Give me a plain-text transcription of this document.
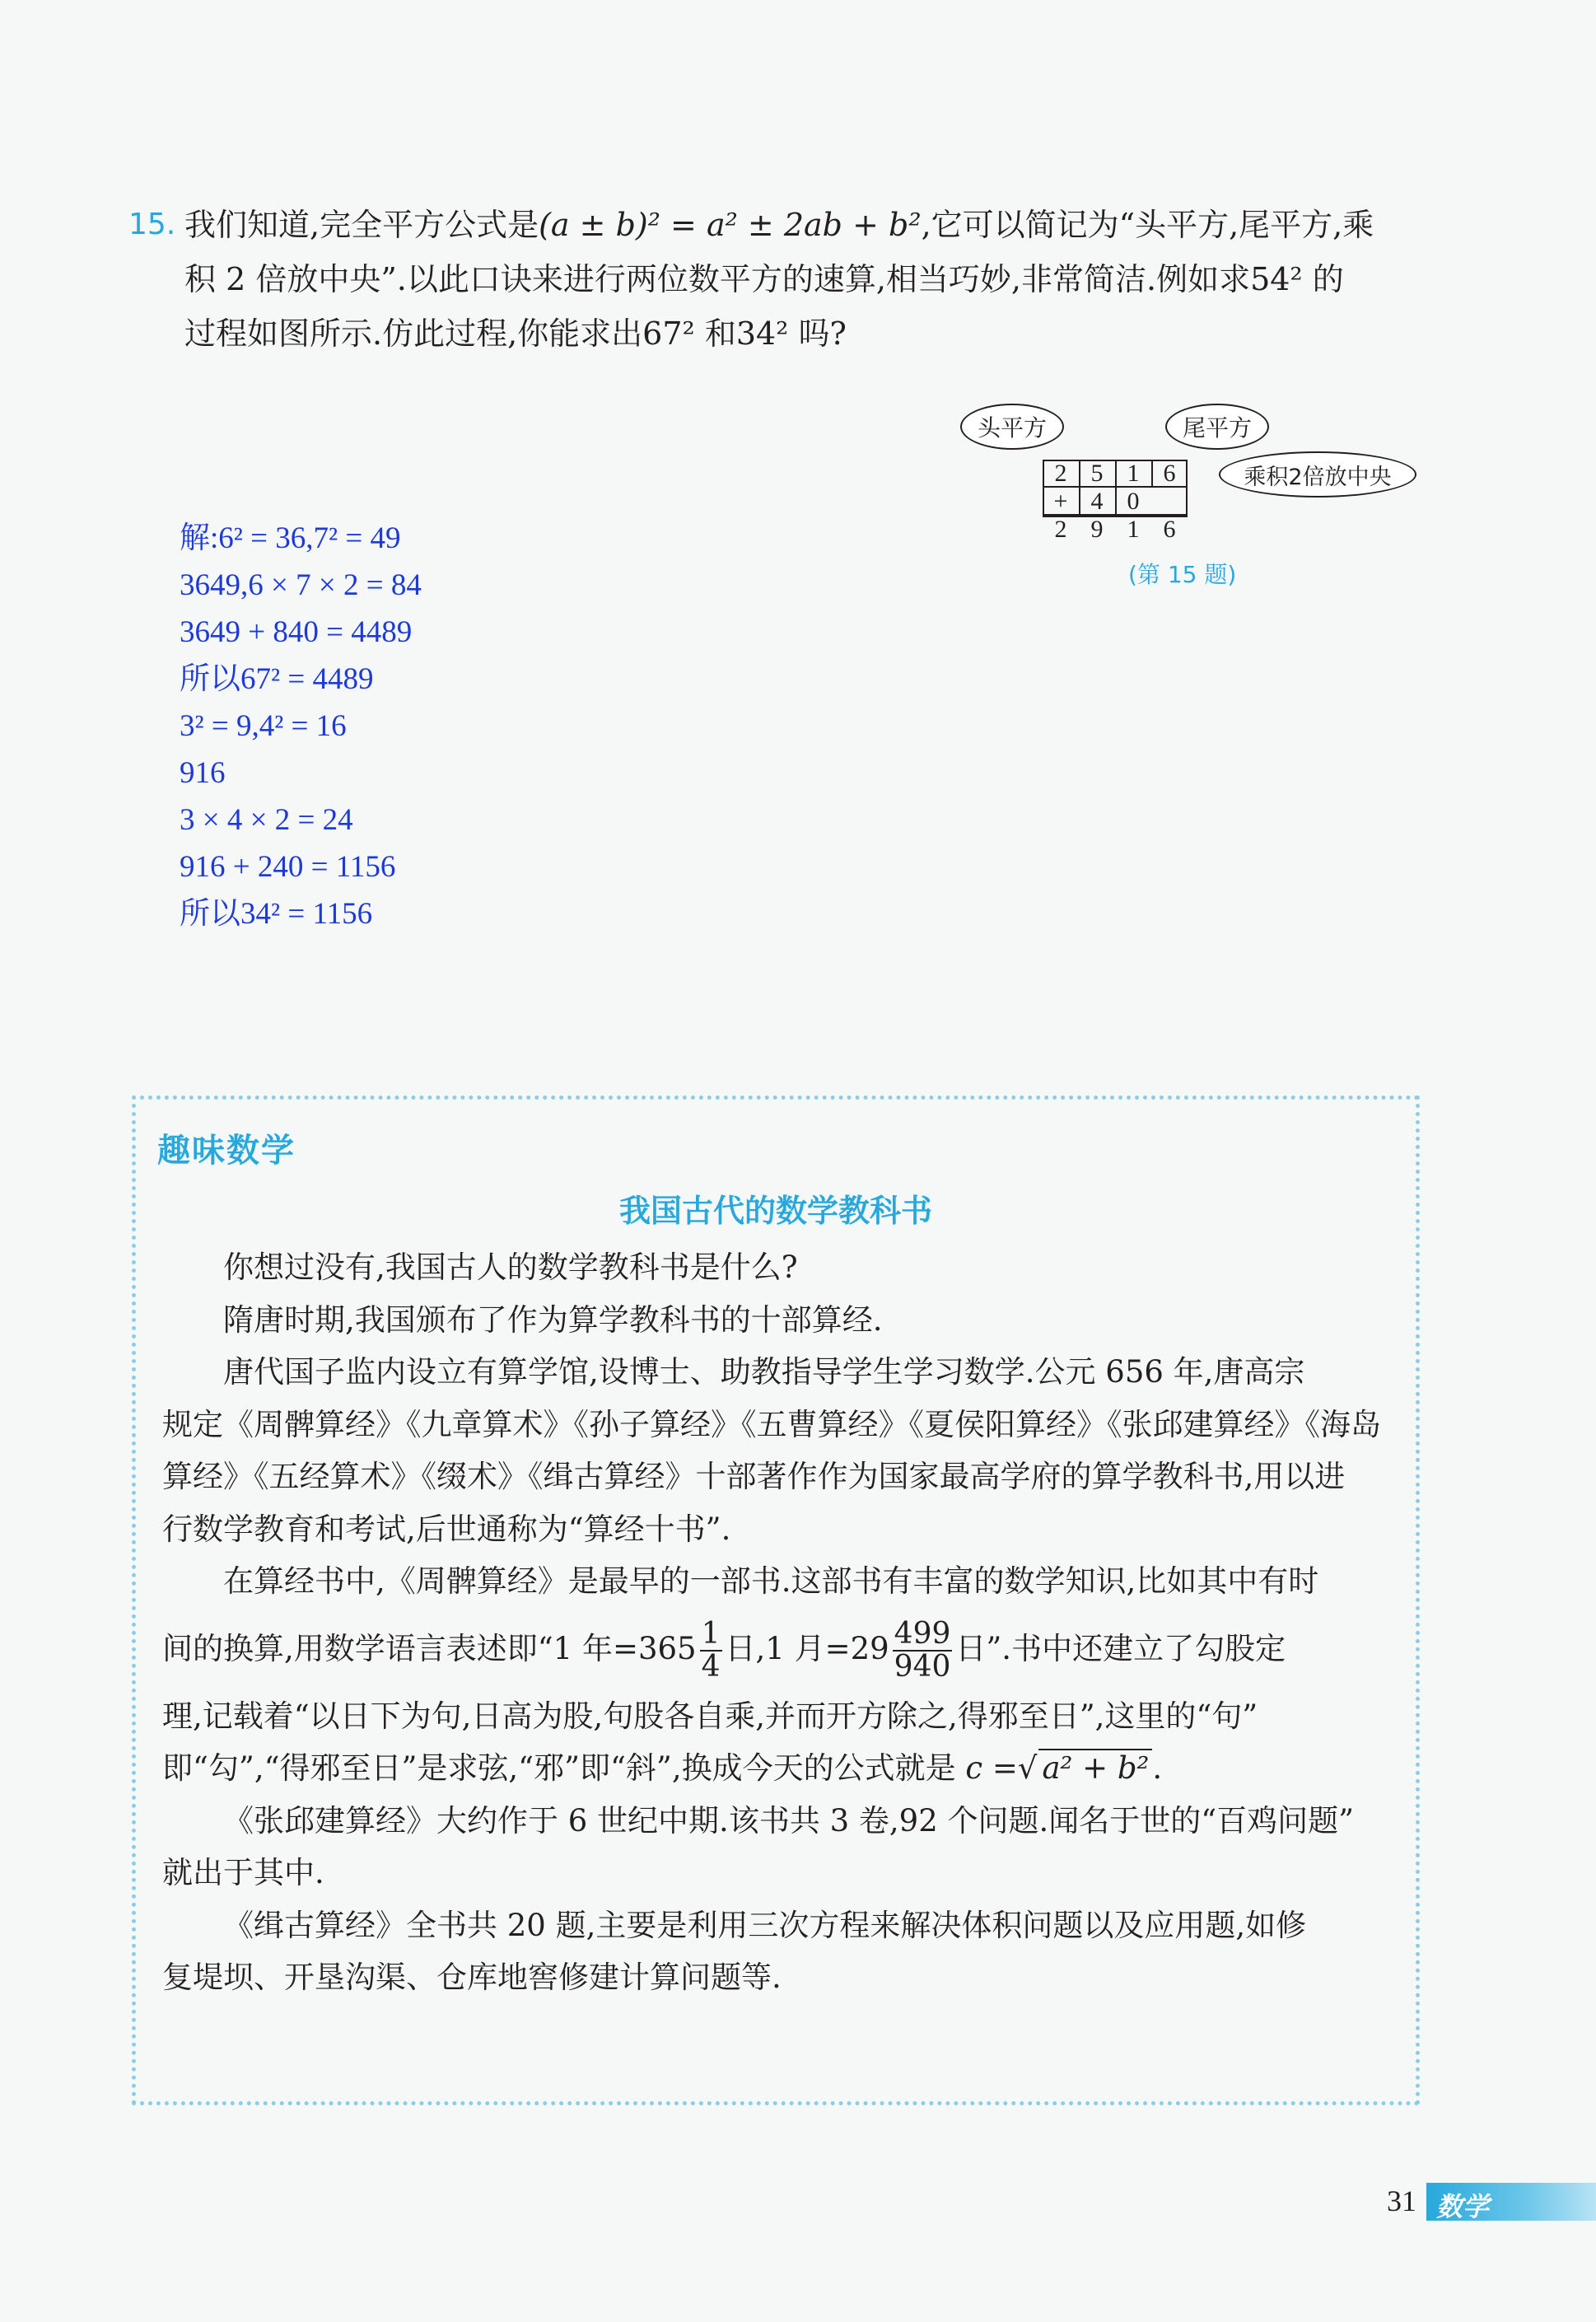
15. 我们知道,完全平方公式是(a ± b)² = a² ± 2ab + b²,它可以简记为“头平方,尾平方,乘
积 2 倍放中央”.以此口诀来进行两位数平方的速算,相当巧妙,非常简洁.例如求54² 的
过程如图所示.仿此过程,你能求出67² 和34² 吗?
头平方	尾平方
乘积2倍放中央
2 5 1 6
+ 4 0
2 9 1 6
(第 15 题)
解:6² = 36,7² = 49
3649,6 × 7 × 2 = 84
3649 + 840 = 4489
所以67² = 4489
3² = 9,4² = 16
916
3 × 4 × 2 = 24
916 + 240 = 1156
所以34² = 1156
趣味数学
我国古代的数学教科书
你想过没有,我国古人的数学教科书是什么?
隋唐时期,我国颁布了作为算学教科书的十部算经.
唐代国子监内设立有算学馆,设博士、助教指导学生学习数学.公元 656 年,唐高宗
规定《周髀算经》《九章算术》《孙子算经》《五曹算经》《夏侯阳算经》《张邱建算经》《海岛
算经》《五经算术》《缀术》《缉古算经》十部著作作为国家最高学府的算学教科书,用以进
行数学教育和考试,后世通称为“算经十书”.
在算经书中,《周髀算经》是最早的一部书.这部书有丰富的数学知识,比如其中有时
间的换算,用数学语言表述即“1 年$=365 \frac{1}{4}$ 日,1 月$=29 \frac{499}{940}$ 日”.书中还建立了勾股定
理,记载着“以日下为句,日高为股,句股各自乘,并而开方除之,得邪至日”,这里的“句”
即“勾”,“得邪至日”是求弦,“邪”即“斜”,换成今天的公式就是 c =√ a² + b² .
《张邱建算经》大约作于 6 世纪中期.该书共 3 卷,92 个问题.闻名于世的“百鸡问题”
就出于其中.
《缉古算经》全书共 20 题,主要是利用三次方程来解决体积问题以及应用题,如修
复堤坝、开垦沟渠、仓库地窖修建计算问题等.
31 数学
